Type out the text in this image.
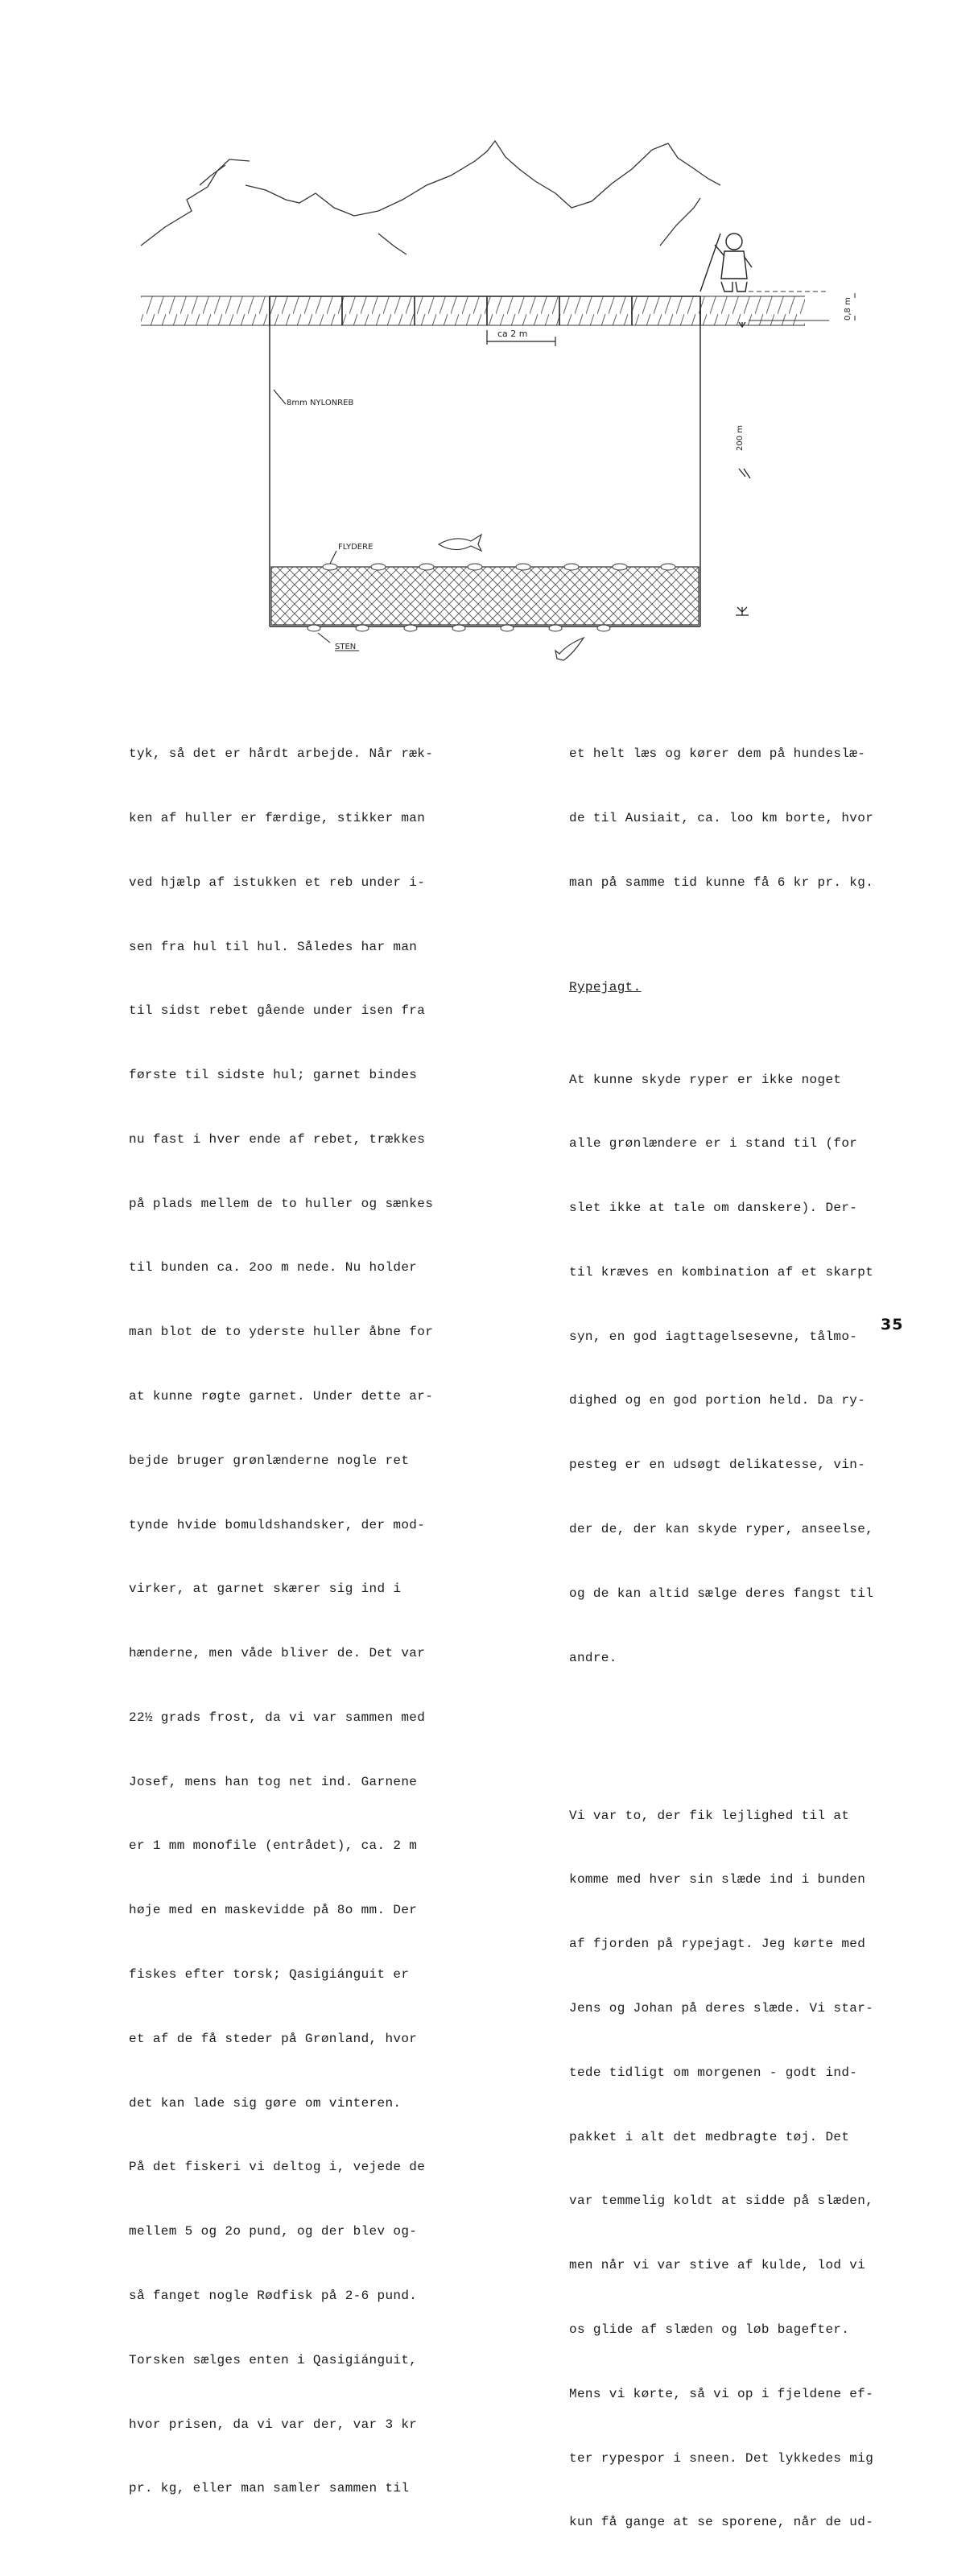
ca 2 m
8mm NYLONREB
200 m
0,8 m
FLYDERE
STEN

tyk, så det er hårdt arbejde. Når ræk-

ken af huller er færdige, stikker man

ved hjælp af istukken et reb under i-

sen fra hul til hul. Således har man

til sidst rebet gående under isen fra

første til sidste hul; garnet bindes

nu fast i hver ende af rebet, trækkes

på plads mellem de to huller og sænkes

til bunden ca. 2oo m nede. Nu holder

man blot de to yderste huller åbne for

at kunne røgte garnet. Under dette ar-

bejde bruger grønlænderne nogle ret

tynde hvide bomuldshandsker, der mod-

virker, at garnet skærer sig ind i

hænderne, men våde bliver de. Det var

22½ grads frost, da vi var sammen med

Josef, mens han tog net ind. Garnene

er 1 mm monofile (entrådet), ca. 2 m

høje med en maskevidde på 8o mm. Der

fiskes efter torsk; Qasigiánguit er

et af de få steder på Grønland, hvor

det kan lade sig gøre om vinteren.

På det fiskeri vi deltog i, vejede de

mellem 5 og 2o pund, og der blev og-

så fanget nogle Rødfisk på 2-6 pund.

Torsken sælges enten i Qasigiánguit,

hvor prisen, da vi var der, var 3 kr

pr. kg, eller man samler sammen til

et helt læs og kører dem på hundeslæ-

de til Ausiait, ca. loo km borte, hvor

man på samme tid kunne få 6 kr pr. kg.

Rypejagt.

At kunne skyde ryper er ikke noget

alle grønlændere er i stand til (for

slet ikke at tale om danskere). Der-

til kræves en kombination af et skarpt

syn, en god iagttagelsesevne, tålmo-

dighed og en god portion held. Da ry-

pesteg er en udsøgt delikatesse, vin-

der de, der kan skyde ryper, anseelse,

og de kan altid sælge deres fangst til

andre.

Vi var to, der fik lejlighed til at

komme med hver sin slæde ind i bunden

af fjorden på rypejagt. Jeg kørte med

Jens og Johan på deres slæde. Vi star-

tede tidligt om morgenen - godt ind-

pakket i alt det medbragte tøj. Det

var temmelig koldt at sidde på slæden,

men når vi var stive af kulde, lod vi

os glide af slæden og løb bagefter.

Mens vi kørte, så vi op i fjeldene ef-

ter rypespor i sneen. Det lykkedes mig

kun få gange at se sporene, når de ud-

35
